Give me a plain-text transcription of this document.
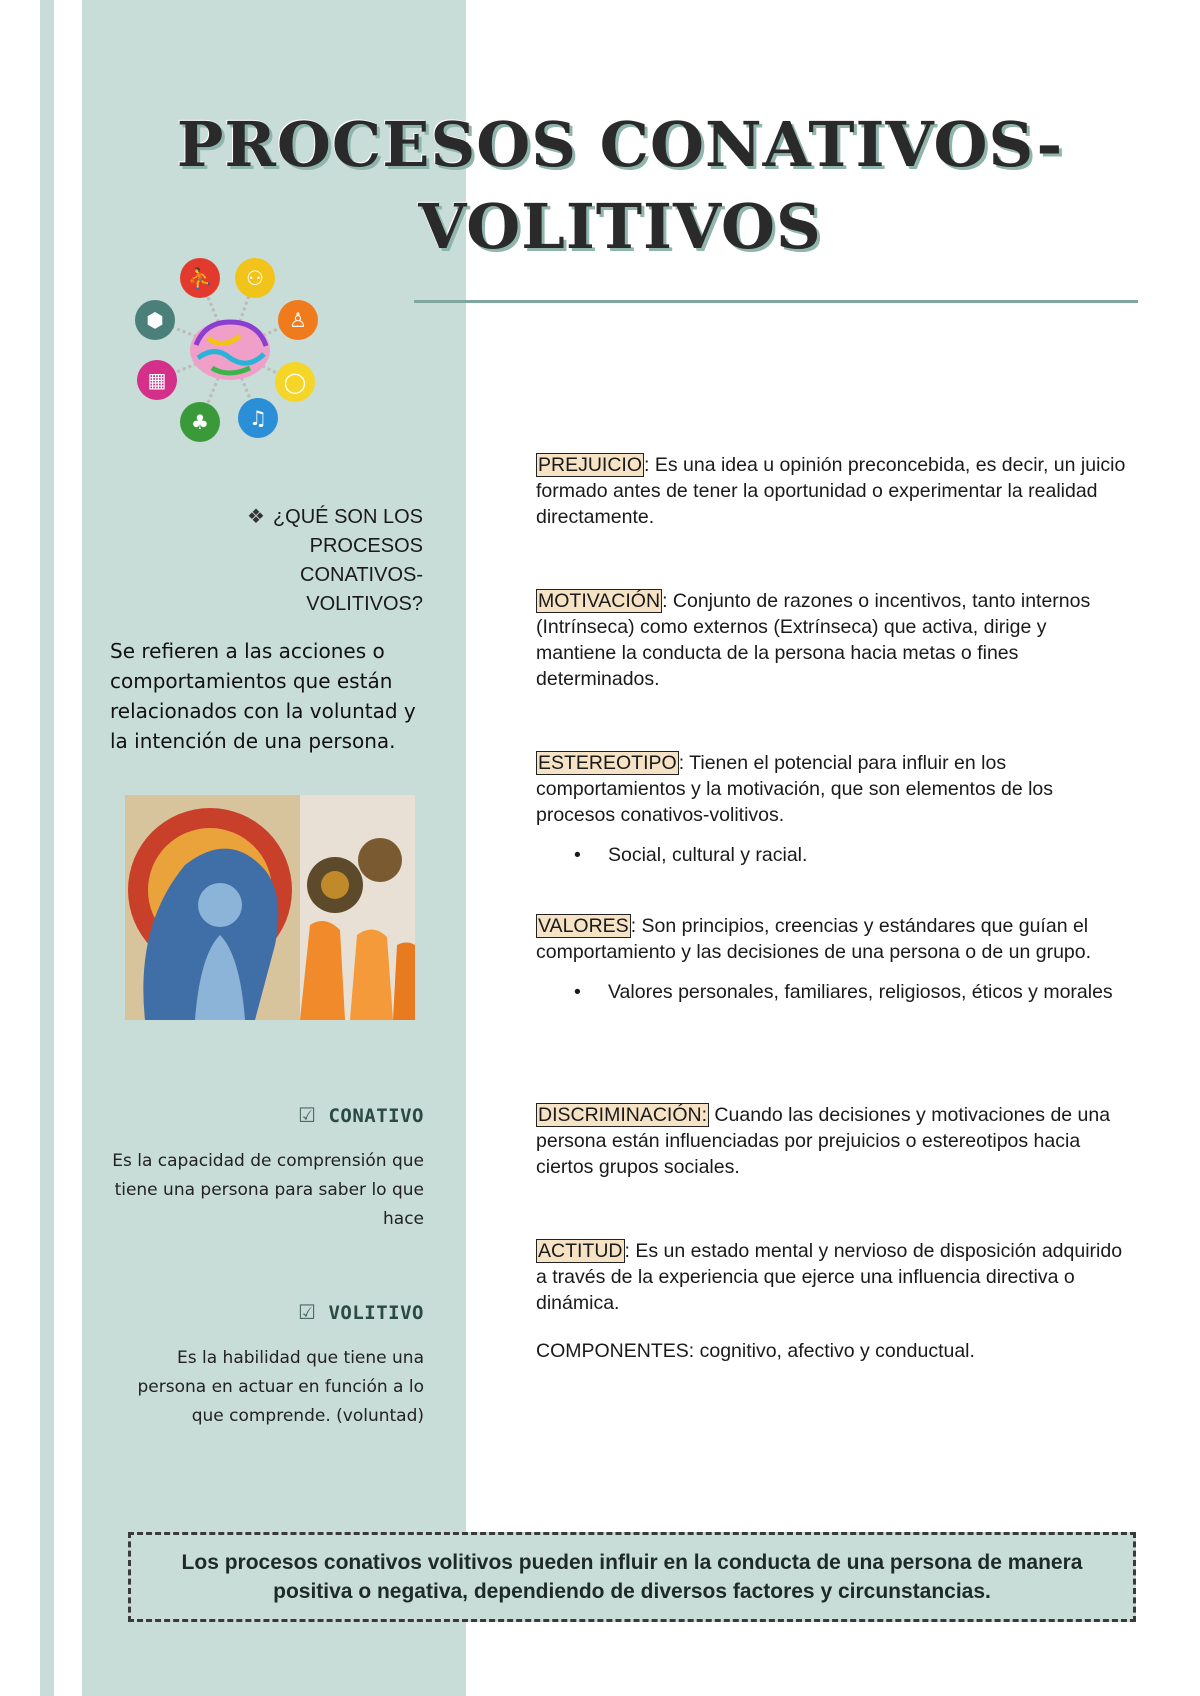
PROCESOS CONATIVOS-
VOLITIVOS
⛹ ⚇
♙
◯
♫
♣
▦
⬢
❖ ¿QUÉ SON LOS PROCESOS CONATIVOS-VOLITIVOS?
Se refieren a las acciones o comportamientos que están relacionados con la voluntad y la intención de una persona.
☑ CONATIVO
Es la capacidad de comprensión que tiene una persona para saber lo que hace
☑ VOLITIVO
Es la habilidad que tiene una persona en actuar en función a lo que comprende. (voluntad)
PREJUICIO : Es una idea u opinión preconcebida, es decir, un juicio formado antes de tener la oportunidad o experimentar la realidad directamente.
MOTIVACIÓN : Conjunto de razones o incentivos, tanto internos (Intrínseca) como externos (Extrínseca) que activa, dirige y mantiene la conducta de la persona hacia metas o fines determinados.
ESTEREOTIPO : Tienen el potencial para influir en los comportamientos y la motivación, que son elementos de los procesos conativos-volitivos.
• Social, cultural y racial.
VALORES : Son principios, creencias y estándares que guían el comportamiento y las decisiones de una persona o de un grupo.
• Valores personales, familiares, religiosos, éticos y morales
DISCRIMINACIÓN: Cuando las decisiones y motivaciones de una persona están influenciadas por prejuicios o estereotipos hacia ciertos grupos sociales.
ACTITUD : Es un estado mental y nervioso de disposición adquirido a través de la experiencia que ejerce una influencia directiva o dinámica.
COMPONENTES: cognitivo, afectivo y conductual.

Los procesos conativos volitivos pueden influir en la conducta de una persona de manera positiva o negativa, dependiendo de diversos factores y circunstancias.
